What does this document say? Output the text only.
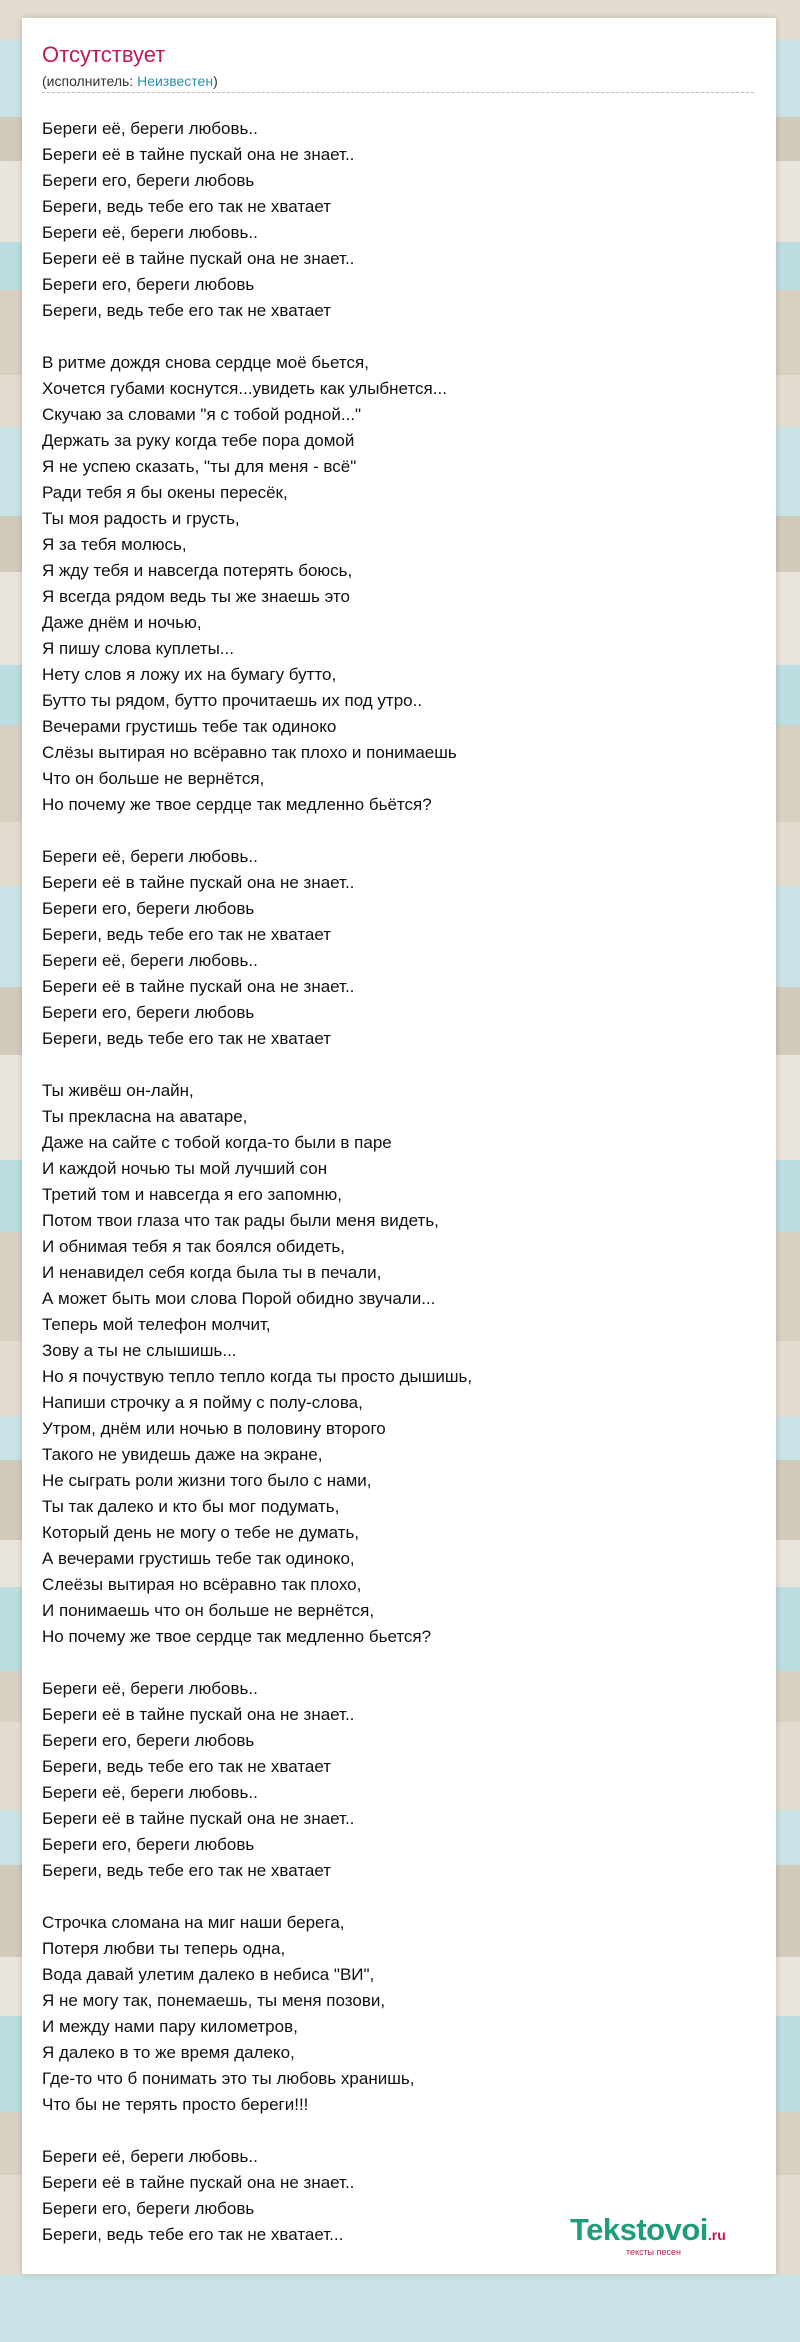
Отсутствует
(исполнитель: Неизвестен)
Береги её, береги любовь..
Береги её в тайне пускай она не знает..
Береги его, береги любовь
Береги, ведь тебе его так не хватает
Береги её, береги любовь..
Береги её в тайне пускай она не знает..
Береги его, береги любовь
Береги, ведь тебе его так не хватает
В ритме дождя снова сердце моё бьется,
Хочется губами коснутся...увидеть как улыбнется...
Скучаю за словами "я с тобой родной..."
Держать за руку когда тебе пора домой
Я не успею сказать, "ты для меня - всё"
Ради тебя я бы окены пересёк,
Ты моя радость и грусть,
Я за тебя молюсь,
Я жду тебя и навсегда потерять боюсь,
Я всегда рядом ведь ты же знаешь это
Даже днём и ночью,
Я пишу слова куплеты...
Нету слов я ложу их на бумагу бутто,
Бутто ты рядом, бутто прочитаешь их под утро..
Вечерами грустишь тебе так одиноко
Слёзы вытирая но всёравно так плохо и понимаешь
Что он больше не вернётся,
Но почему же твое сердце так медленно бьётся?
Береги её, береги любовь..
Береги её в тайне пускай она не знает..
Береги его, береги любовь
Береги, ведь тебе его так не хватает
Береги её, береги любовь..
Береги её в тайне пускай она не знает..
Береги его, береги любовь
Береги, ведь тебе его так не хватает
Ты живёш он-лайн,
Ты прекласна на аватаре,
Даже на сайте с тобой когда-то были в паре
И каждой ночью ты мой лучший сон
Третий том и навсегда я его запомню,
Потом твои глаза что так рады были меня видеть,
И обнимая тебя я так боялся обидеть,
И ненавидел себя когда была ты в печали,
А может быть мои слова Порой обидно звучали...
Теперь мой телефон молчит,
Зову а ты не слышишь...
Но я почуствую тепло тепло когда ты просто дышишь,
Напиши строчку а я пойму с полу-слова,
Утром, днём или ночью в половину второго
Такого не увидешь даже на экране,
Не сыграть роли жизни того было с нами,
Ты так далеко и кто бы мог подумать,
Который день не могу о тебе не думать,
А вечерами грустишь тебе так одиноко,
Слеёзы вытирая но всёравно так плохо,
И понимаешь что он больше не вернётся,
Но почему же твое сердце так медленно бьется?
Береги её, береги любовь..
Береги её в тайне пускай она не знает..
Береги его, береги любовь
Береги, ведь тебе его так не хватает
Береги её, береги любовь..
Береги её в тайне пускай она не знает..
Береги его, береги любовь
Береги, ведь тебе его так не хватает
Строчка сломана на миг наши берега,
Потеря любви ты теперь одна,
Вода давай улетим далеко в небиса "ВИ",
Я не могу так, понемаешь, ты меня позови,
И между нами пару километров,
Я далеко в то же время далеко,
Где-то что б понимать это ты любовь хранишь,
Что бы не терять просто береги!!!
Береги её, береги любовь..
Береги её в тайне пускай она не знает..
Береги его, береги любовь
Береги, ведь тебе его так не хватает...	Tekstovoi.ru
тексты песен
